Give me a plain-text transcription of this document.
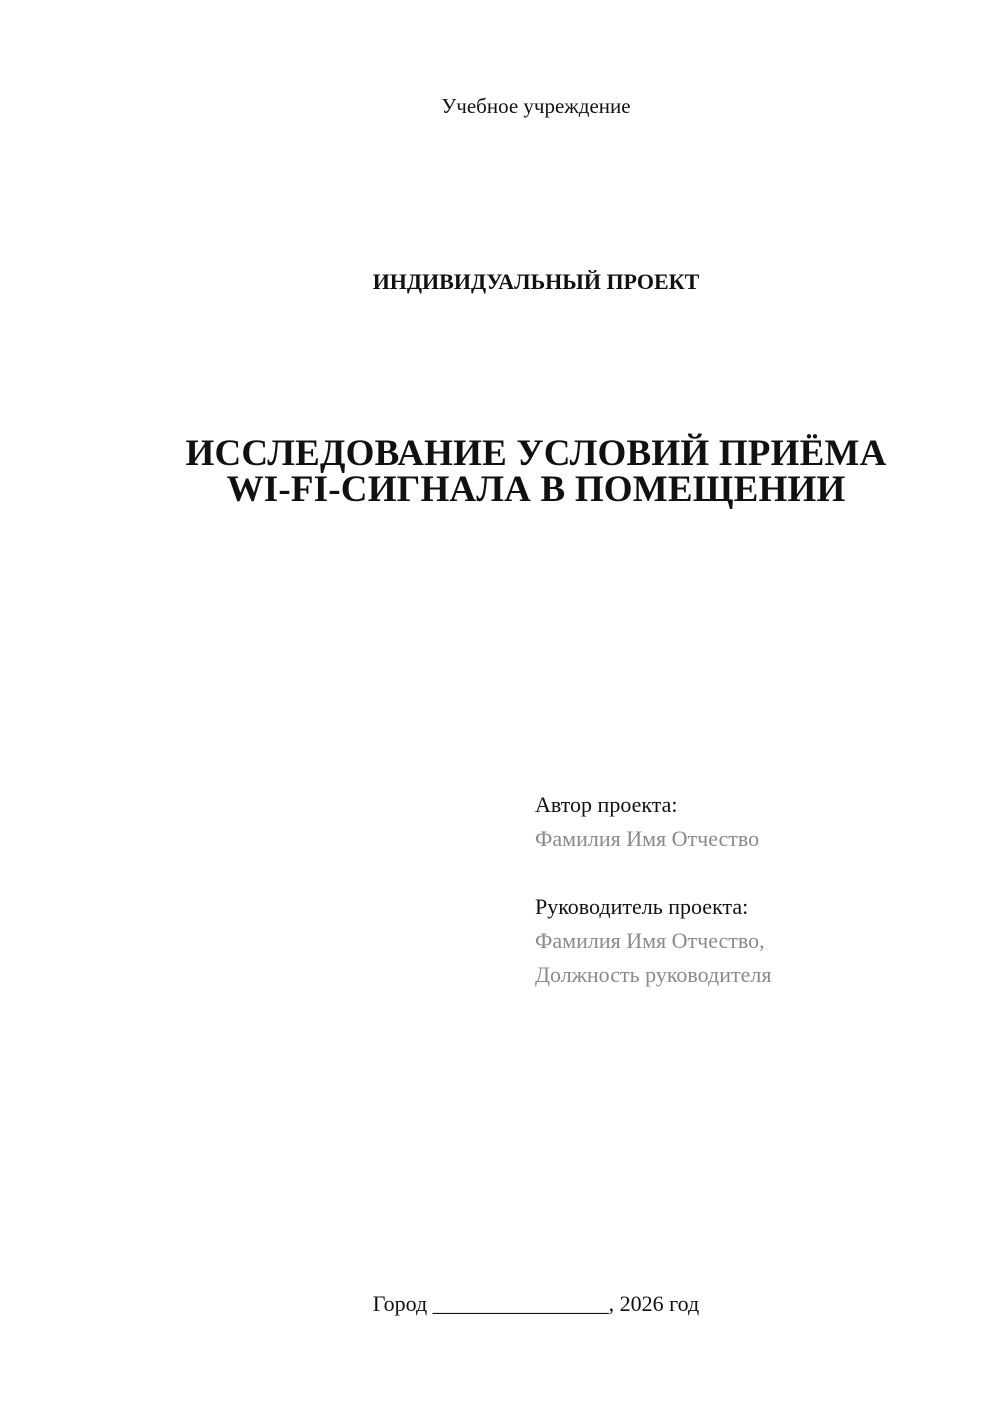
Учебное учреждение
ИНДИВИДУАЛЬНЫЙ ПРОЕКТ
ИССЛЕДОВАНИЕ УСЛОВИЙ ПРИЁМА
WI-FI-СИГНАЛА В ПОМЕЩЕНИИ
Автор проекта:
Фамилия Имя Отчество
Руководитель проекта:
Фамилия Имя Отчество,
Должность руководителя
Город ________________, 2026 год
